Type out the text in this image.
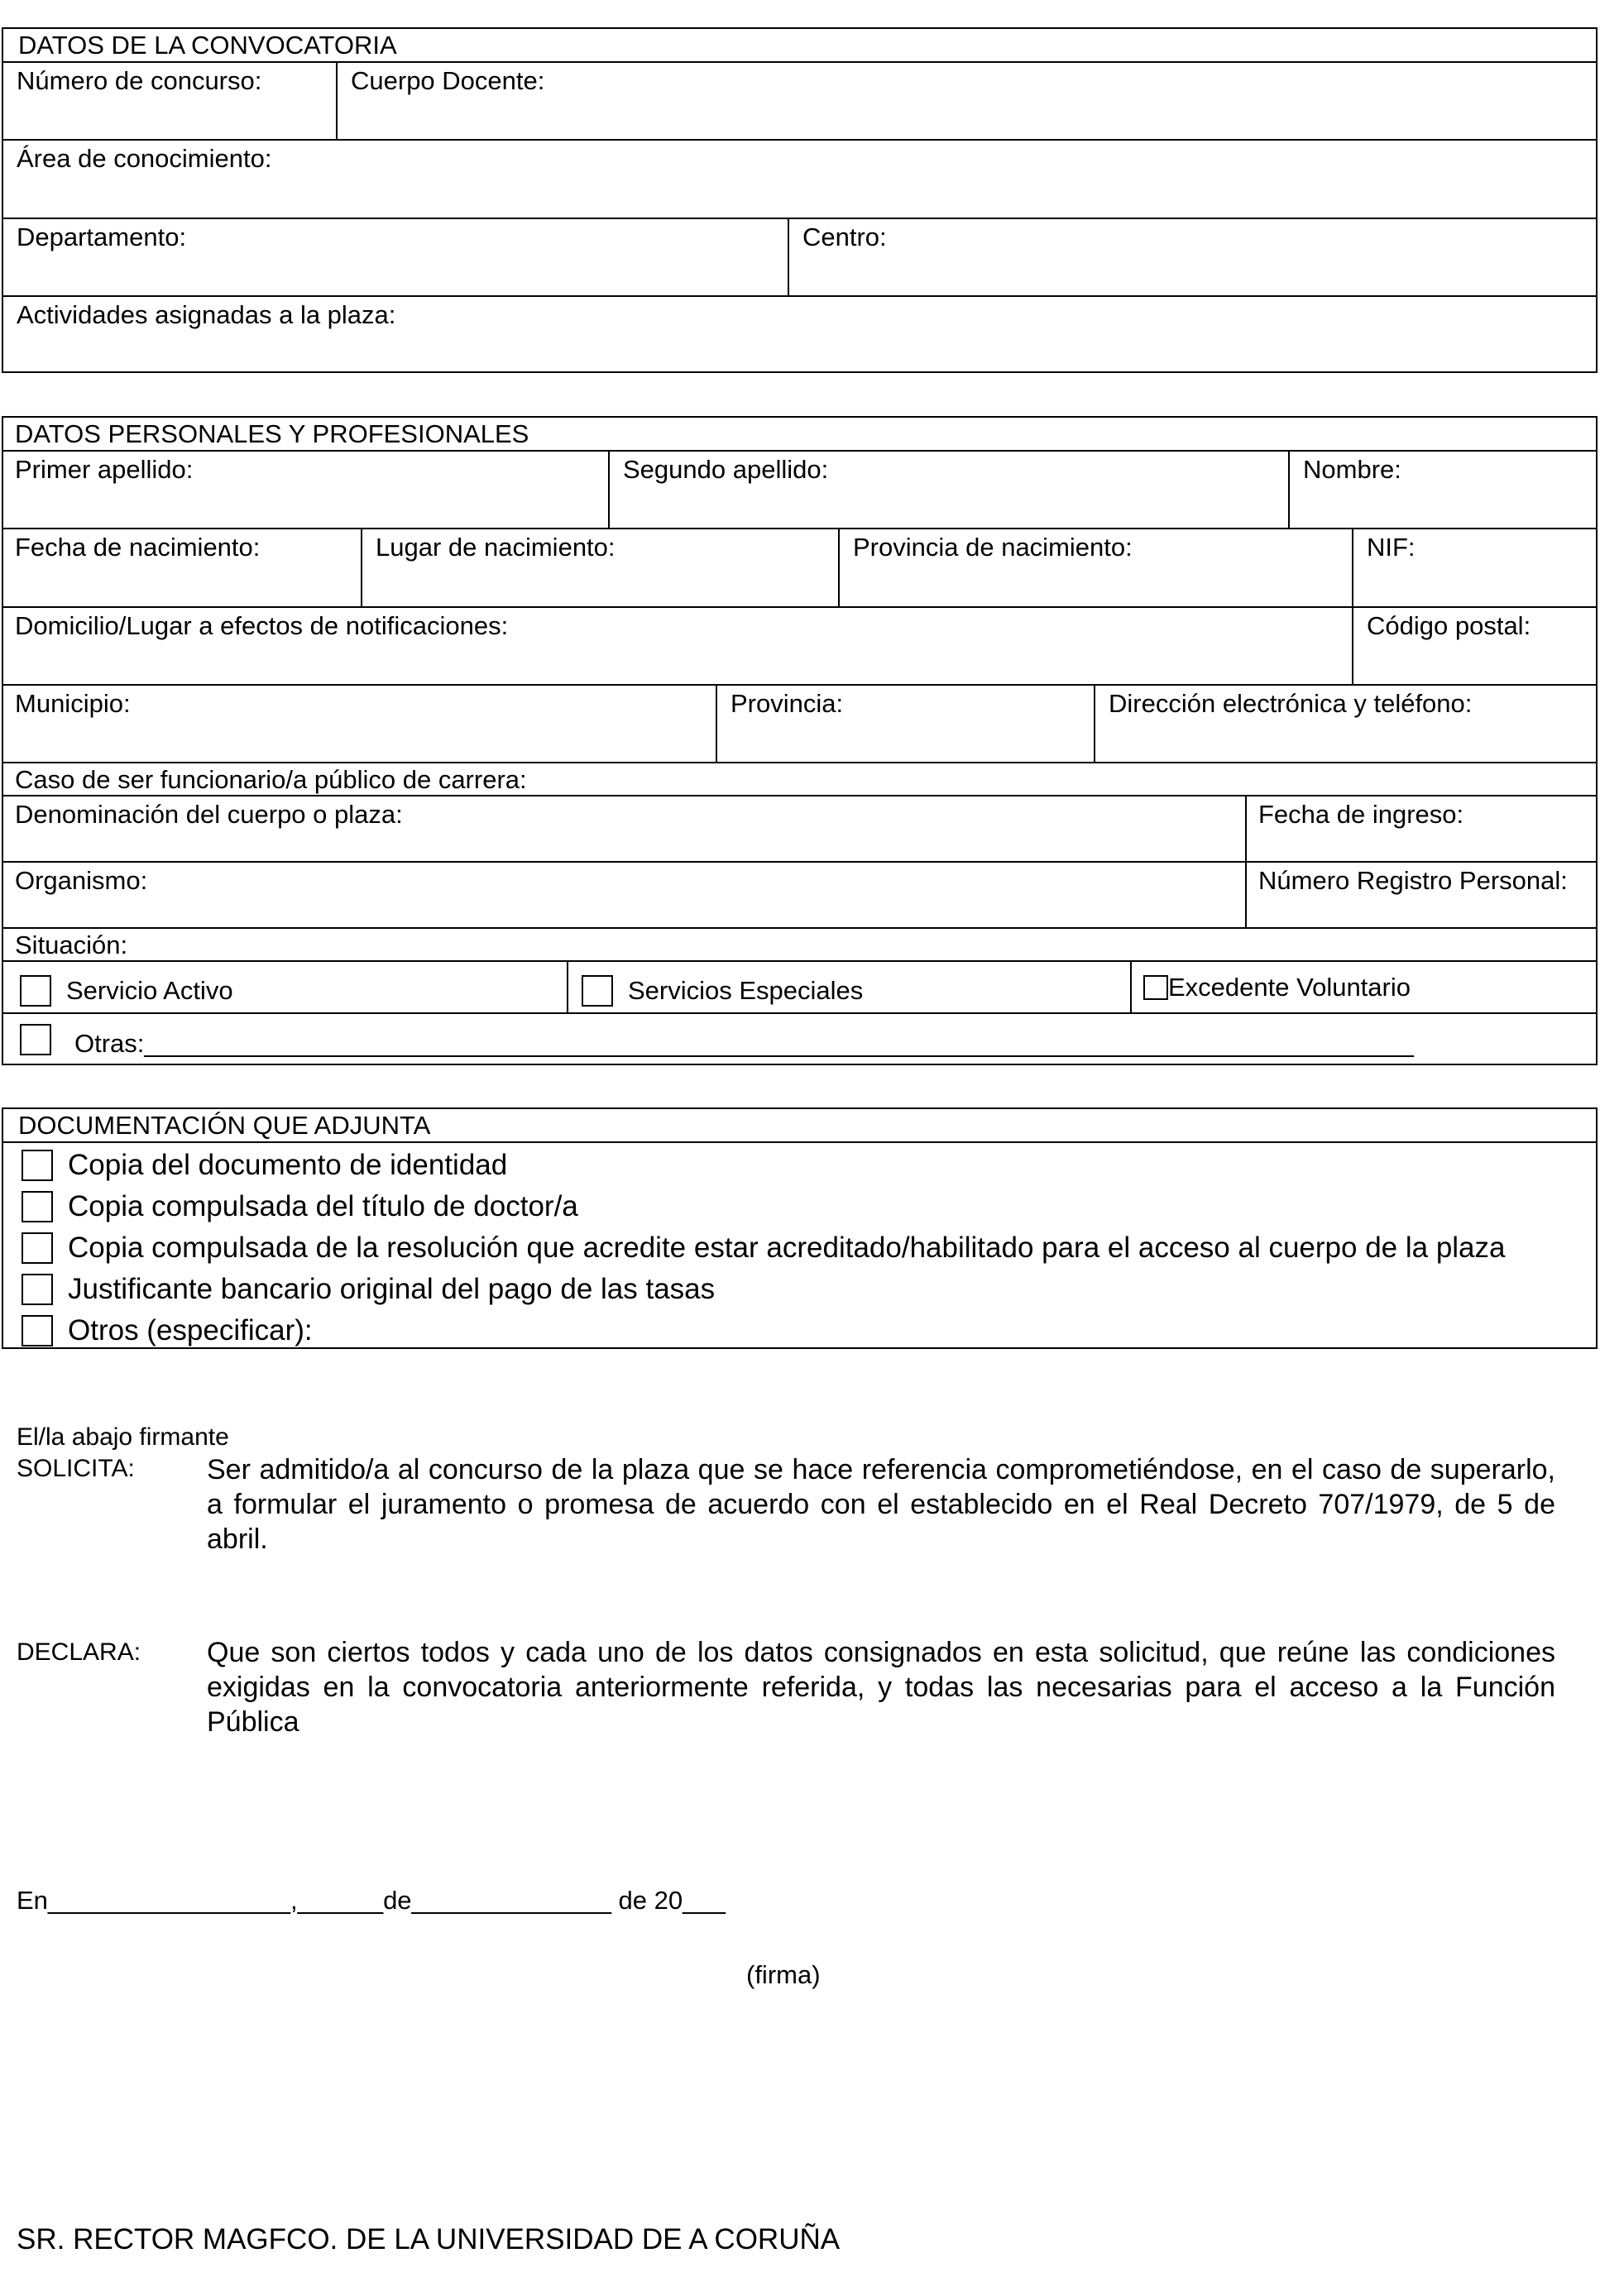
DATOS DE LA CONVOCATORIA
Número de concurso:	Cuerpo Docente:
Área de conocimiento:
Departamento:	Centro:
Actividades asignadas a la plaza:
DATOS PERSONALES Y PROFESIONALES
Primer apellido:	Segundo apellido:	Nombre:
Fecha de nacimiento:	Lugar de nacimiento:	Provincia de nacimiento:	NIF:
Domicilio/Lugar a efectos de notificaciones:	Código postal:
Municipio:	Provincia:	Dirección electrónica y teléfono:
Caso de ser funcionario/a público de carrera:
Denominación del cuerpo o plaza:	Fecha de ingreso:
Organismo:	Número Registro Personal:
Situación:
Servicio Activo	Servicios Especiales	Excedente Voluntario
Otras:_________________________________________________________________________________________
DOCUMENTACIÓN QUE ADJUNTA
Copia del documento de identidad
Copia compulsada del título de doctor/a
Copia compulsada de la resolución que acredite estar acreditado/habilitado para el acceso al cuerpo de la plaza
Justificante bancario original del pago de las tasas
Otros (especificar):
El/la abajo firmante
SOLICITA:	Ser admitido/a al concurso de la plaza que se hace referencia comprometiéndose, en el caso de superarlo, a formular el juramento o promesa de acuerdo con el establecido en el Real Decreto 707/1979, de 5 de abril.
DECLARA:	Que son ciertos todos y cada uno de los datos consignados en esta solicitud, que reúne las condiciones exigidas en la convocatoria anteriormente referida, y todas las necesarias para el acceso a la Función Pública
En_________________,______de______________ de 20___
(firma)
SR. RECTOR MAGFCO. DE LA UNIVERSIDAD DE A CORUÑA
